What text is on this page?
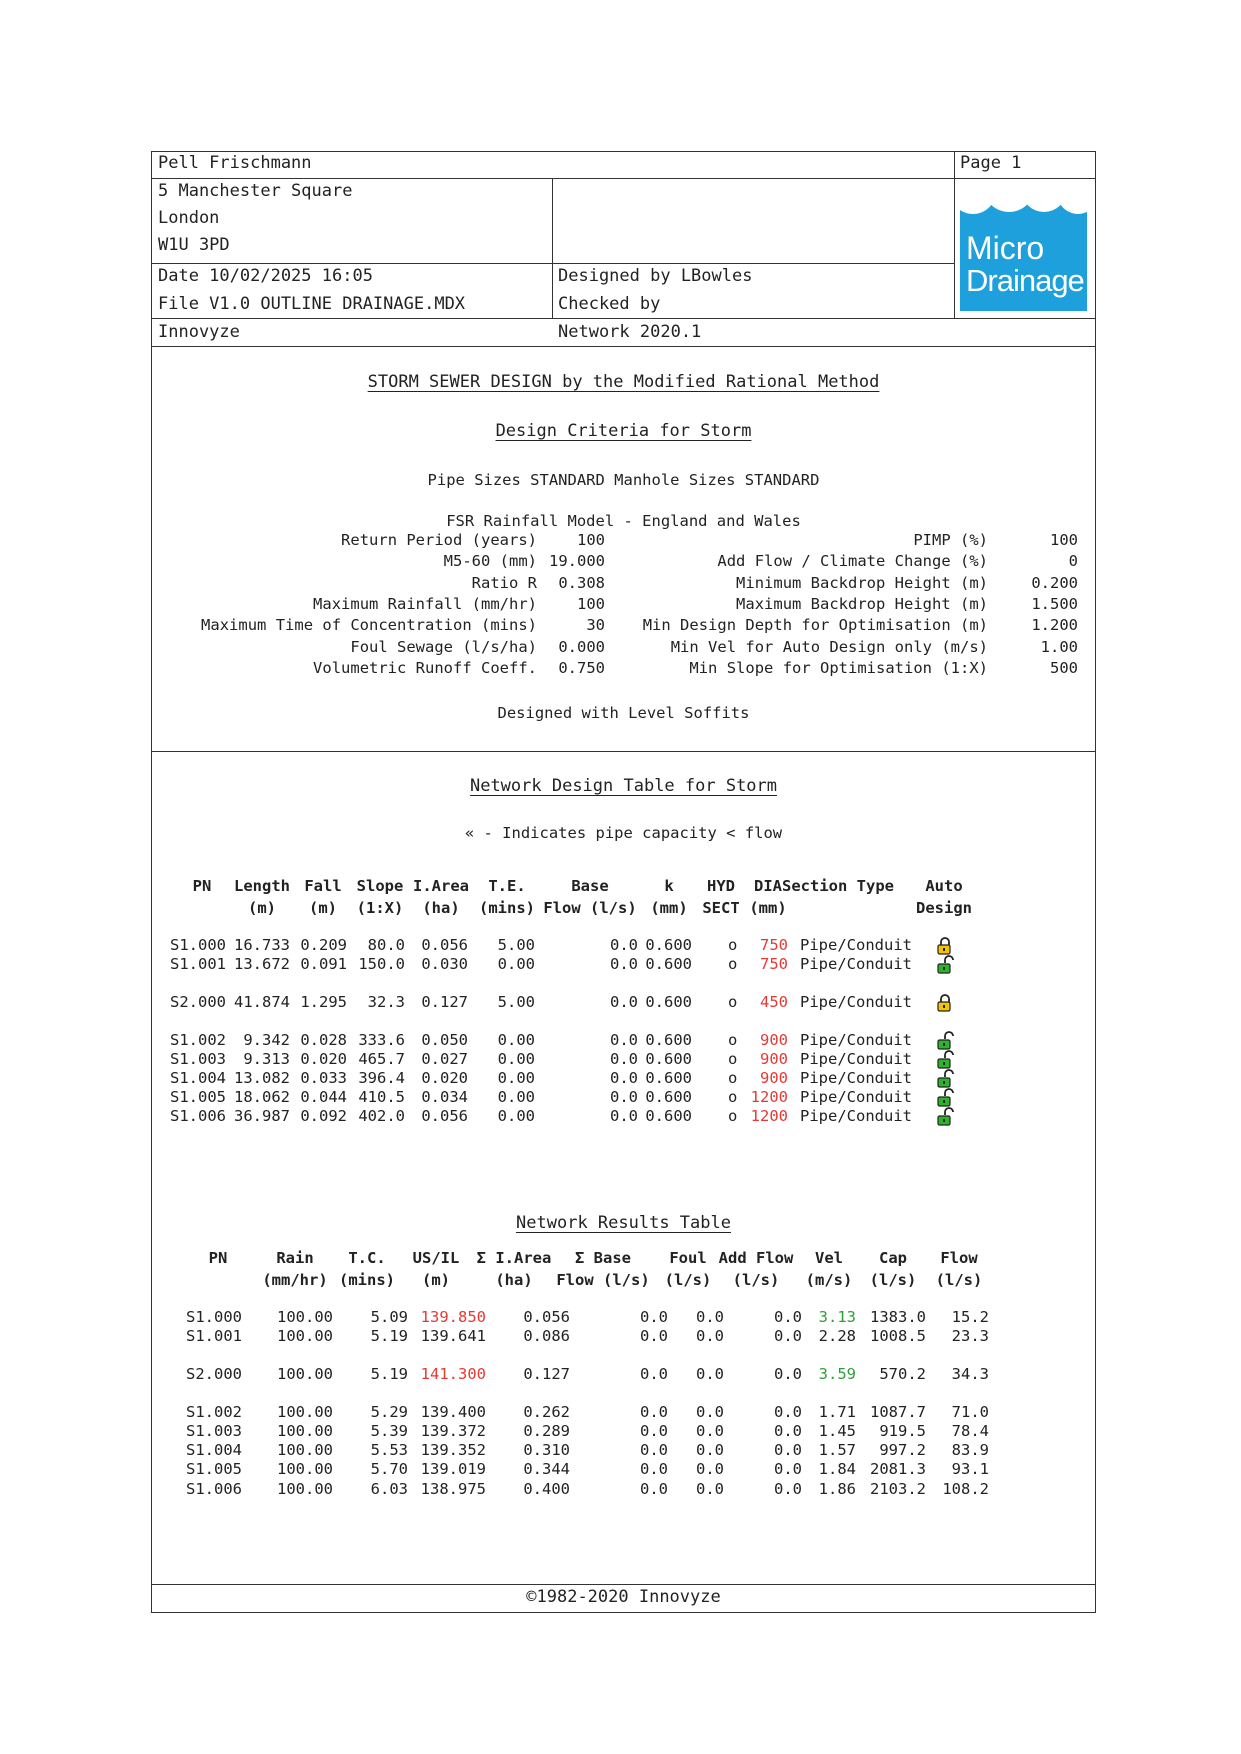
Pell Frischmann	Page 1
5 Manchester Square
London
W1U 3PD
Date 10/02/2025 16:05
File V1.0 OUTLINE DRAINAGE.MDX
Designed by LBowles
Checked by
Innovyze	Network 2020.1
Micro
Drainage
STORM SEWER DESIGN by the Modified Rational Method
Design Criteria for Storm
Pipe Sizes STANDARD Manhole Sizes STANDARD
FSR Rainfall Model - England and Wales
Return Period (years)	100
M5-60 (mm) 19.000
Ratio R	0.308
Maximum Rainfall (mm/hr)	100
Maximum Time of Concentration (mins)	30
Foul Sewage (l/s/ha)	0.000
Volumetric Runoff Coeff.	0.750
PIMP (%)	100
Add Flow / Climate Change (%)	0
Minimum Backdrop Height (m)	0.200
Maximum Backdrop Height (m)	1.500
Min Design Depth for Optimisation (m)	1.200
Min Vel for Auto Design only (m/s)	1.00
Min Slope for Optimisation (1:X)	500
Designed with Level Soffits
Network Design Table for Storm
« - Indicates pipe capacity < flow
PN	Length Fall Slope I.Area	T.E.	Base	k	HYD	DIA Section Type	Auto
(m)	(m)	(1:X)	(ha)	(mins) Flow (l/s) (mm) SECT (mm)	Design
S1.000 16.733 0.209	80.0	0.056	5.00	0.0 0.600 o	750 Pipe/Conduit
S1.001 13.672 0.091 150.0	0.030	0.00	0.0 0.600 o	750 Pipe/Conduit
S2.000 41.874 1.295	32.3	0.127	5.00	0.0 0.600 o	450 Pipe/Conduit
S1.002	9.342 0.028 333.6	0.050	0.00	0.0 0.600 o	900 Pipe/Conduit
S1.003	9.313 0.020 465.7	0.027	0.00	0.0 0.600 o	900 Pipe/Conduit
S1.004 13.082 0.033 396.4	0.020	0.00	0.0 0.600 o	900 Pipe/Conduit
S1.005 18.062 0.044 410.5	0.034	0.00	0.0 0.600 o 1200 Pipe/Conduit
S1.006 36.987 0.092 402.0	0.056	0.00	0.0 0.600 o 1200 Pipe/Conduit
Network Results Table
PN	Rain	T.C.	US/IL	Σ I.Area	Σ Base	Foul Add Flow	Vel	Cap	Flow
(mm/hr) (mins)	(m)	(ha)	Flow (l/s) (l/s)	(l/s)	(m/s)	(l/s)	(l/s)
S1.000	100.00	5.09 139.850	0.056	0.0	0.0	0.0	3.13 1383.0	15.2
S1.001	100.00	5.19 139.641	0.086	0.0	0.0	0.0	2.28 1008.5	23.3
S2.000	100.00	5.19 141.300	0.127	0.0	0.0	0.0	3.59	570.2	34.3
S1.002	100.00	5.29 139.400	0.262	0.0	0.0	0.0	1.71 1087.7	71.0
S1.003	100.00	5.39 139.372	0.289	0.0	0.0	0.0	1.45	919.5	78.4
S1.004	100.00	5.53 139.352	0.310	0.0	0.0	0.0	1.57	997.2	83.9
S1.005	100.00	5.70 139.019	0.344	0.0	0.0	0.0	1.84 2081.3	93.1
S1.006	100.00	6.03 138.975	0.400	0.0	0.0	0.0	1.86 2103.2	108.2
©1982-2020 Innovyze
